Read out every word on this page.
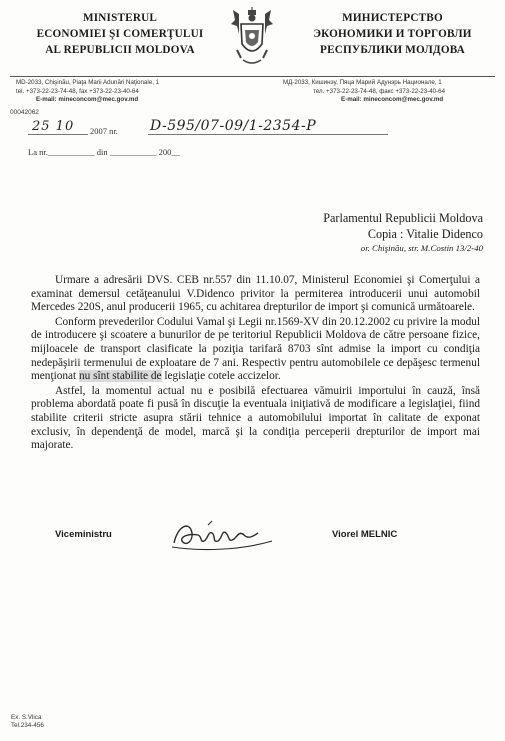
MINISTERUL
ECONOMIEI ŞI COMERŢULUI
AL REPUBLICII MOLDOVA
МИНИСТЕРСТВО
ЭКОНОМИКИ И ТОРГОВЛИ
РЕСПУБЛИКИ МОЛДОВА
MD-2033, Chişinău, Piaţa Marii Adunări Naţionale, 1
tel. +373-22-23-74-48, fax +373-22-23-40-64
E-mail: mineconcom@mec.gov.md
МД-2033, Кишинэу, Пяца Марий Адунэрь Национале, 1
тел. +373-22-23-74-48, факс +373-22-23-40-64
E-mail: mineconcom@mec.gov.md
00042062
25 10 2007 nr. D-595/07-09/1-2354-P
La nr.___________ din ___________ 200__
Parlamentul Republicii Moldova
Copia : Vitalie Didenco
or. Chişinău, str. M.Costin 13/2-40

Urmare a adresării DVS. CEB nr.557 din 11.10.07, Ministerul Economiei şi Comerţului a examinat demersul cetăţeanului V.Didenco privitor la permiterea introducerii unui automobil Mercedes 220S, anul producerii 1965, cu achitarea drepturilor de import şi comunică următoarele.

Conform prevederilor Codului Vamal şi Legii nr.1569-XV din 20.12.2002 cu privire la modul de introducere şi scoatere a bunurilor de pe teritoriul Republicii Moldova de către persoane fizice, mijloacele de transport clasificate la poziţia tarifară 8703 sînt admise la import cu condiţia nedepăşirii termenului de exploatare de 7 ani. Respectiv pentru automobilele ce depăşesc termenul menţionat nu sînt stabilite de legislaţie cotele accizelor.

Astfel, la momentul actual nu e posibilă efectuarea vămuirii importului în cauză, însă problema abordată poate fi pusă în discuţie la eventuala iniţiativă de modificare a legislaţiei, fiind stabilite criterii stricte asupra stării tehnice a automobilului importat în calitate de exponat exclusiv, în dependenţă de model, marcă şi la condiţia perceperii drepturilor de import mai majorate.

Viceministru	Viorel MELNIC
Ex. S.Vlica
Tel.234-456
